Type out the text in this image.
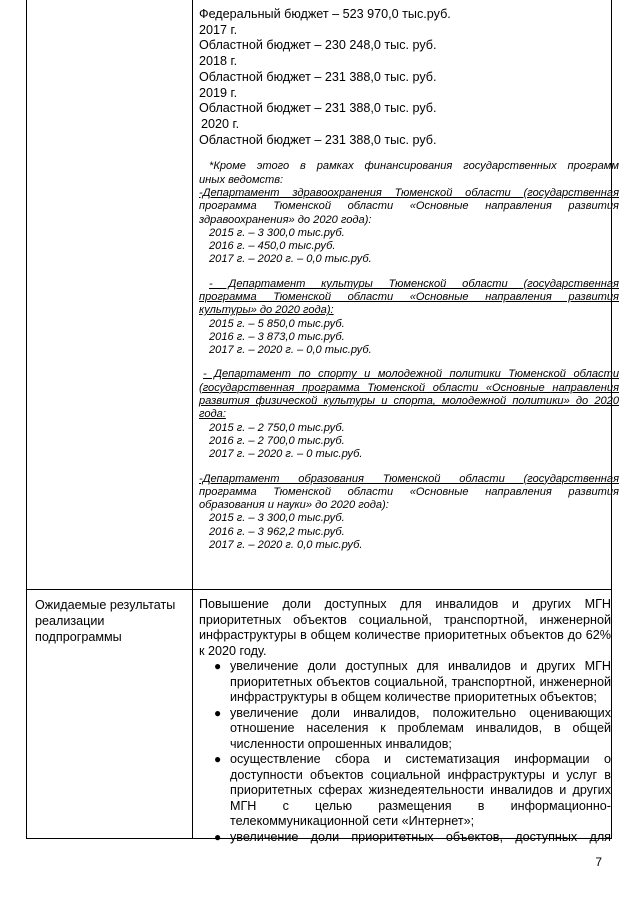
Федеральный бюджет – 523 970,0 тыс.руб.
2017 г.
Областной бюджет – 230 248,0 тыс. руб.
2018 г.
Областной бюджет – 231 388,0 тыс. руб.
2019 г.
Областной бюджет – 231 388,0 тыс. руб.
2020 г.
Областной бюджет – 231 388,0 тыс. руб.
*Кроме этого в рамках финансирования государственных программ
иных ведомств:
-Департамент здравоохранения Тюменской области (государственная
программа Тюменской области «Основные направления развития
здравоохранения» до 2020 года):
2015 г. – 3 300,0 тыс.руб.
2016 г. – 450,0 тыс.руб.
2017 г. – 2020 г. – 0,0 тыс.руб.
- Департамент культуры Тюменской области (государственная
программа Тюменской области «Основные направления развития
культуры» до 2020 года):
2015 г. – 5 850,0 тыс.руб.
2016 г. – 3 873,0 тыс.руб.
2017 г. – 2020 г. – 0,0 тыс.руб.
- Департамент по спорту и молодежной политики Тюменской области
(государственная программа Тюменской области «Основные направления
развития физической культуры и спорта, молодежной политики» до 2020
года:
2015 г. – 2 750,0 тыс.руб.
2016 г. – 2 700,0 тыс.руб.
2017 г. – 2020 г. – 0 тыс.руб.
-Департамент образования Тюменской области (государственная
программа Тюменской области «Основные направления развития
образования и науки» до 2020 года):
2015 г. – 3 300,0 тыс.руб.
2016 г. – 3 962,2 тыс.руб.
2017 г. – 2020 г. 0,0 тыс.руб.
Ожидаемые результаты реализации подпрограммы
Повышение доли доступных для инвалидов и других МГН приоритетных объектов социальной, транспортной, инженерной инфраструктуры в общем количестве приоритетных объектов до 62% к 2020 году.
● увеличение доли доступных для инвалидов и других МГН приоритетных объектов социальной, транспортной, инженерной инфраструктуры в общем количестве приоритетных объектов;
● увеличение доли инвалидов, положительно оценивающих отношение населения к проблемам инвалидов, в общей численности опрошенных инвалидов;
● осуществление сбора и систематизация информации о доступности объектов социальной инфраструктуры и услуг в приоритетных сферах жизнедеятельности инвалидов и других МГН с целью размещения в информационно-телекоммуникационной сети «Интернет»;
● увеличение доли приоритетных объектов, доступных для
7
